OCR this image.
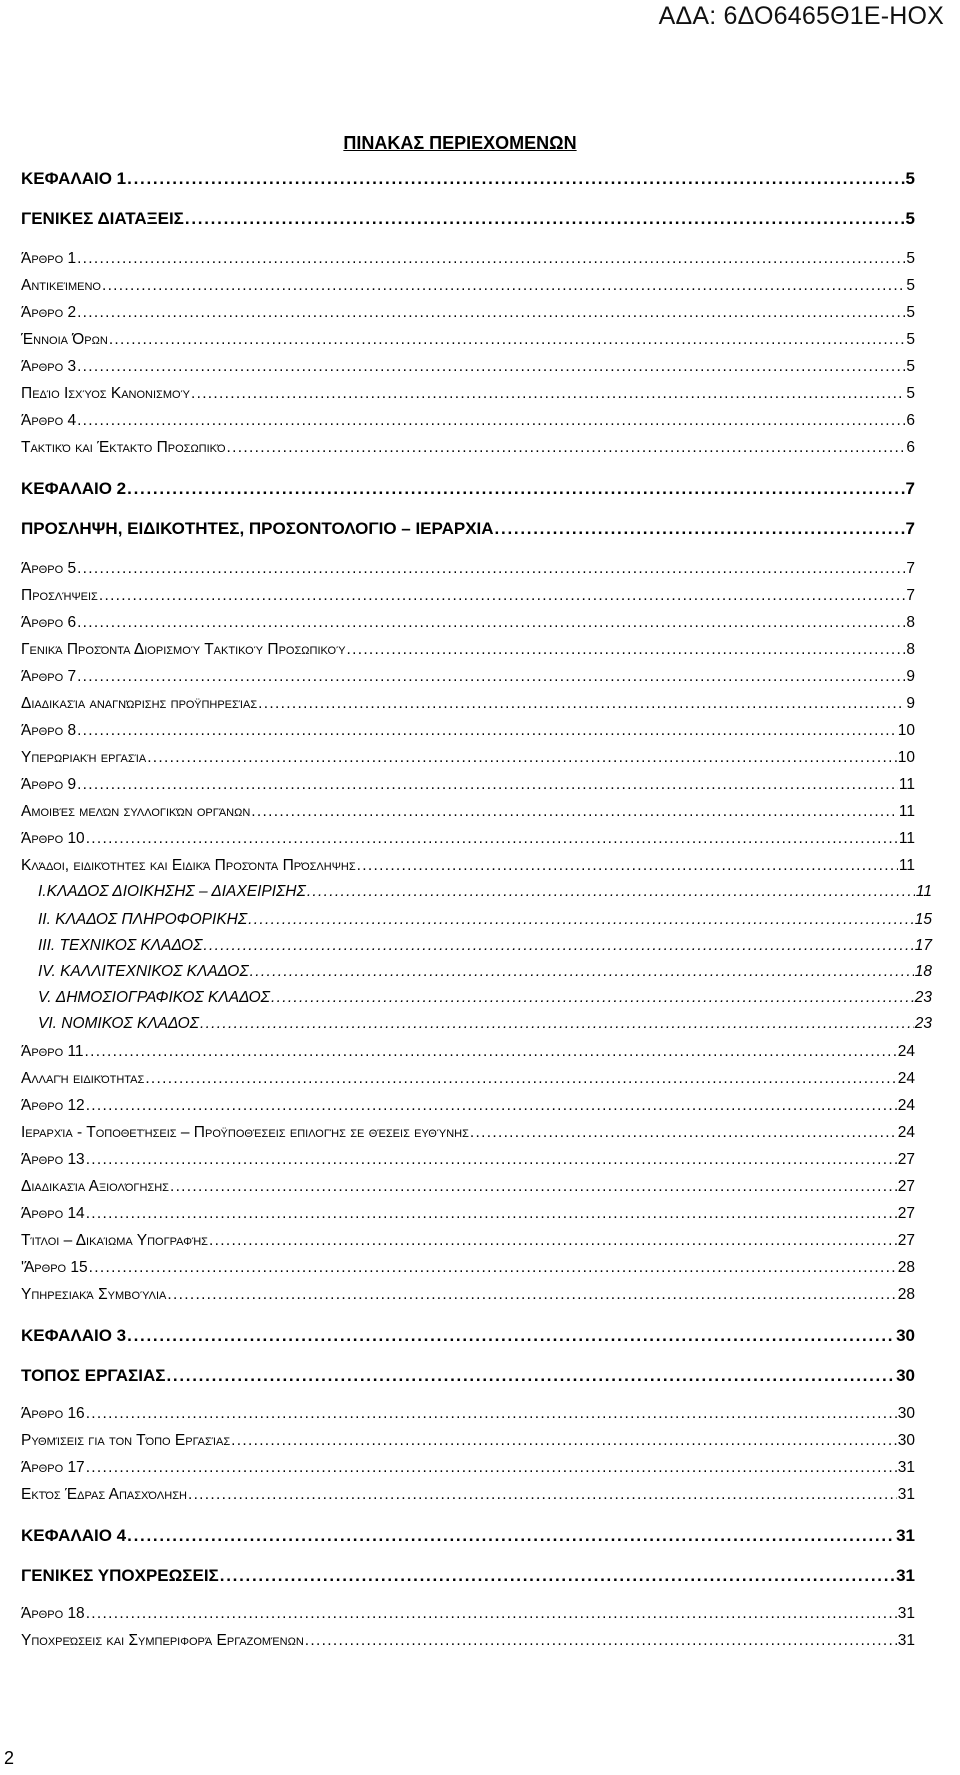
ΑΔΑ: 6ΔΟ6465Θ1Ε-ΗΟΧ
ΠΙΝΑΚΑΣ ΠΕΡΙΕΧΟΜΕΝΩΝ
ΚΕΦΑΛΑΙΟ 1 . . .	5
ΓΕΝΙΚΕΣ ΔΙΑΤΑΞΕΙΣ . . .	5
Άρθρο 1 . . .	5
Αντικείμενο . . .	5
Άρθρο 2 . . .	5
Έννοια Όρων . . .	5
Άρθρο 3 . . .	5
Πεδίο Ισχύος Κανονισμού . . .	5
Άρθρο 4 . . .	6
Τακτικό και Έκτακτο Προσωπικό . . .	6
ΚΕΦΑΛΑΙΟ 2 . . .	7
ΠΡΟΣΛΗΨΗ, ΕΙΔΙΚΟΤΗΤΕΣ, ΠΡΟΣΟΝΤΟΛΟΓΙΟ – ΙΕΡΑΡΧΙΑ . . .	7
Άρθρο 5 . . .	7
Προσλήψεις . . .	7
Άρθρο 6 . . .	8
Γενικά Προσόντα Διορισμού Τακτικού Προσωπικού . . .	8
Άρθρο 7 . . .	9
Διαδικασία αναγνώρισης προϋπηρεσίας . . .	9
Άρθρο 8 . . .	10
Υπερωριακή εργασία . . .	10
Άρθρο 9 . . .	11
Αμοιβές μελών συλλογικών οργάνων . . .	11
Άρθρο 10 . . .	11
Κλάδοι, ειδικότητες και Ειδικά Προσόντα Πρόσληψης . . .	11
I.ΚΛΑΔΟΣ ΔΙΟΙΚΗΣΗΣ – ΔΙΑΧΕΙΡΙΣΗΣ . . .	11
II. ΚΛΑΔΟΣ ΠΛΗΡΟΦΟΡΙΚΗΣ . . .	15
III. ΤΕΧΝΙΚΟΣ ΚΛΑΔΟΣ . . .	17
IV. ΚΑΛΛΙΤΕΧΝΙΚΟΣ ΚΛΑΔΟΣ . . .	18
V. ΔΗΜΟΣΙΟΓΡΑΦΙΚΟΣ ΚΛΑΔΟΣ . . .	23
VI. ΝΟΜΙΚΟΣ ΚΛΑΔΟΣ . . .	23
Άρθρο 11 . . .	24
Αλλαγή ειδικότητας . . .	24
Άρθρο 12 . . .	24
Ιεραρχία - Τοποθετήσεις – Προϋποθέσεις επιλογής σε θέσεις ευθύνης . . .	24
Άρθρο 13 . . .	27
Διαδικασία Αξιολόγησης . . .	27
Άρθρο 14 . . .	27
Τίτλοι – Δικαίωμα Υπογραφής . . .	27
'Άρθρο 15 . . .	28
Υπηρεσιακά Συμβούλια . . .	28
ΚΕΦΑΛΑΙΟ 3 . . .	30
ΤΟΠΟΣ ΕΡΓΑΣΙΑΣ . . .	30
Άρθρο 16 . . .	30
Ρυθμίσεις για τον Τόπο Εργασίας . . .	30
Άρθρο 17 . . .	31
Εκτός Έδρας Απασχόληση . . .	31
ΚΕΦΑΛΑΙΟ 4 . . .	31
ΓΕΝΙΚΕΣ ΥΠΟΧΡΕΩΣΕΙΣ . . .	31
Άρθρο 18 . . .	31
Υποχρεώσεις και Συμπεριφορά Εργαζομένων . . .	31
2
